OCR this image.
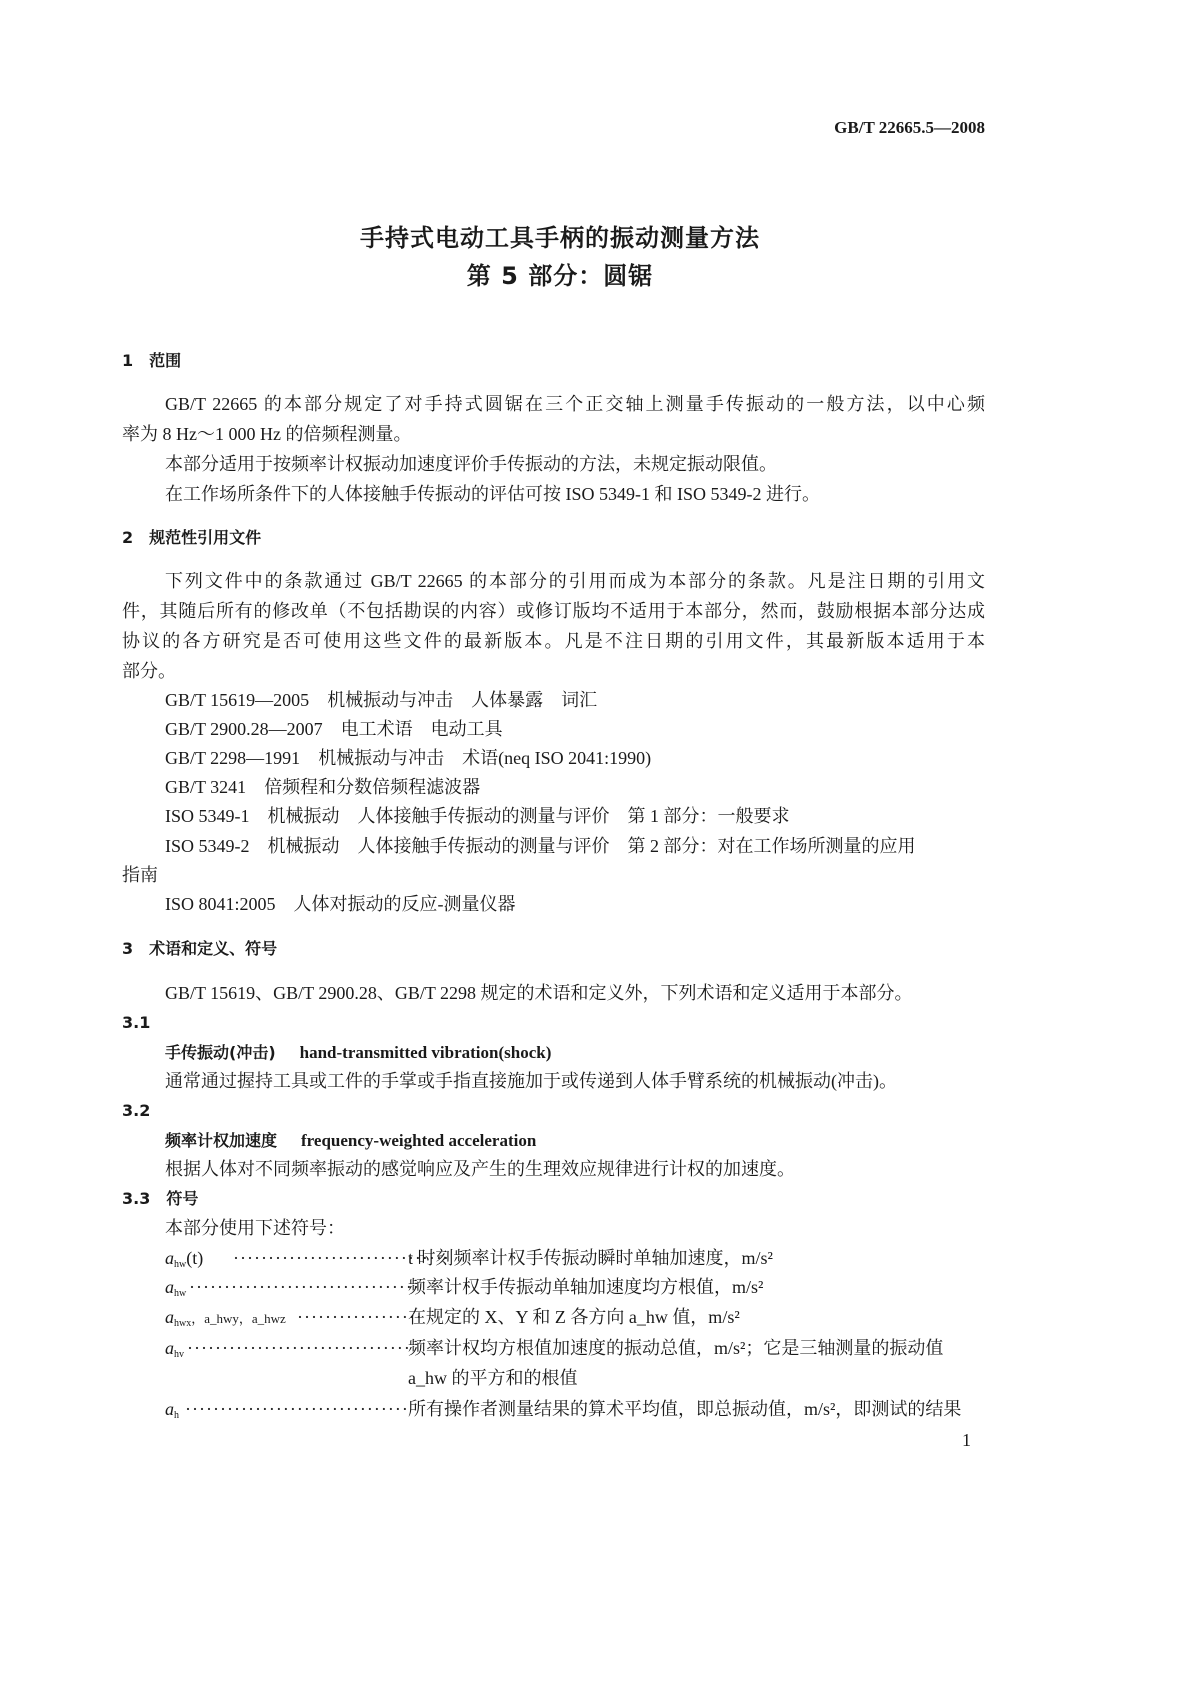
GB/T 22665.5—2008
手持式电动工具手柄的振动测量方法
第 5 部分：圆锯
1　范围
GB/T 22665 的本部分规定了对手持式圆锯在三个正交轴上测量手传振动的一般方法，以中心频
率为 8 Hz～1 000 Hz 的倍频程测量。
本部分适用于按频率计权振动加速度评价手传振动的方法，未规定振动限值。
在工作场所条件下的人体接触手传振动的评估可按 ISO 5349-1 和 ISO 5349-2 进行。
2　规范性引用文件
下列文件中的条款通过 GB/T 22665 的本部分的引用而成为本部分的条款。凡是注日期的引用文
件，其随后所有的修改单（不包括勘误的内容）或修订版均不适用于本部分，然而，鼓励根据本部分达成
协议的各方研究是否可使用这些文件的最新版本。凡是不注日期的引用文件，其最新版本适用于本
部分。
GB/T 15619—2005 机械振动与冲击　人体暴露　词汇
GB/T 2900.28—2007 电工术语　电动工具
GB/T 2298—1991 机械振动与冲击　术语(neq ISO 2041:1990)
GB/T 3241 倍频程和分数倍频程滤波器
ISO 5349-1 机械振动　人体接触手传振动的测量与评价　第 1 部分：一般要求
ISO 5349-2 机械振动　人体接触手传振动的测量与评价　第 2 部分：对在工作场所测量的应用
指南
ISO 8041:2005 人体对振动的反应-测量仪器
3　术语和定义、符号
GB/T 15619、GB/T 2900.28、GB/T 2298 规定的术语和定义外，下列术语和定义适用于本部分。
3.1
手传振动(冲击) hand-transmitted vibration(shock)
通常通过握持工具或工件的手掌或手指直接施加于或传递到人体手臂系统的机械振动(冲击)。
3.2
频率计权加速度 frequency-weighted acceleration
根据人体对不同频率振动的感觉响应及产生的生理效应规律进行计权的加速度。
3.3　符号
本部分使用下述符号：
$a_{hw}(t)$ ·······························
t 时刻频率计权手传振动瞬时单轴加速度，m/s²
$a_{hw}$ ·································
频率计权手传振动单轴加速度均方根值，m/s²
$a_{hwx}$，a_hwy，a_hwz ··················
在规定的 X、Y 和 Z 各方向 a_hw 值，m/s²
$a_{hv}$ ································
频率计权均方根值加速度的振动总值，m/s²；它是三轴测量的振动值
a_hw 的平方和的根值
$a_h$ ································ 所有操作者测量结果的算术平均值，即总振动值，m/s²，即测试的结果
1
